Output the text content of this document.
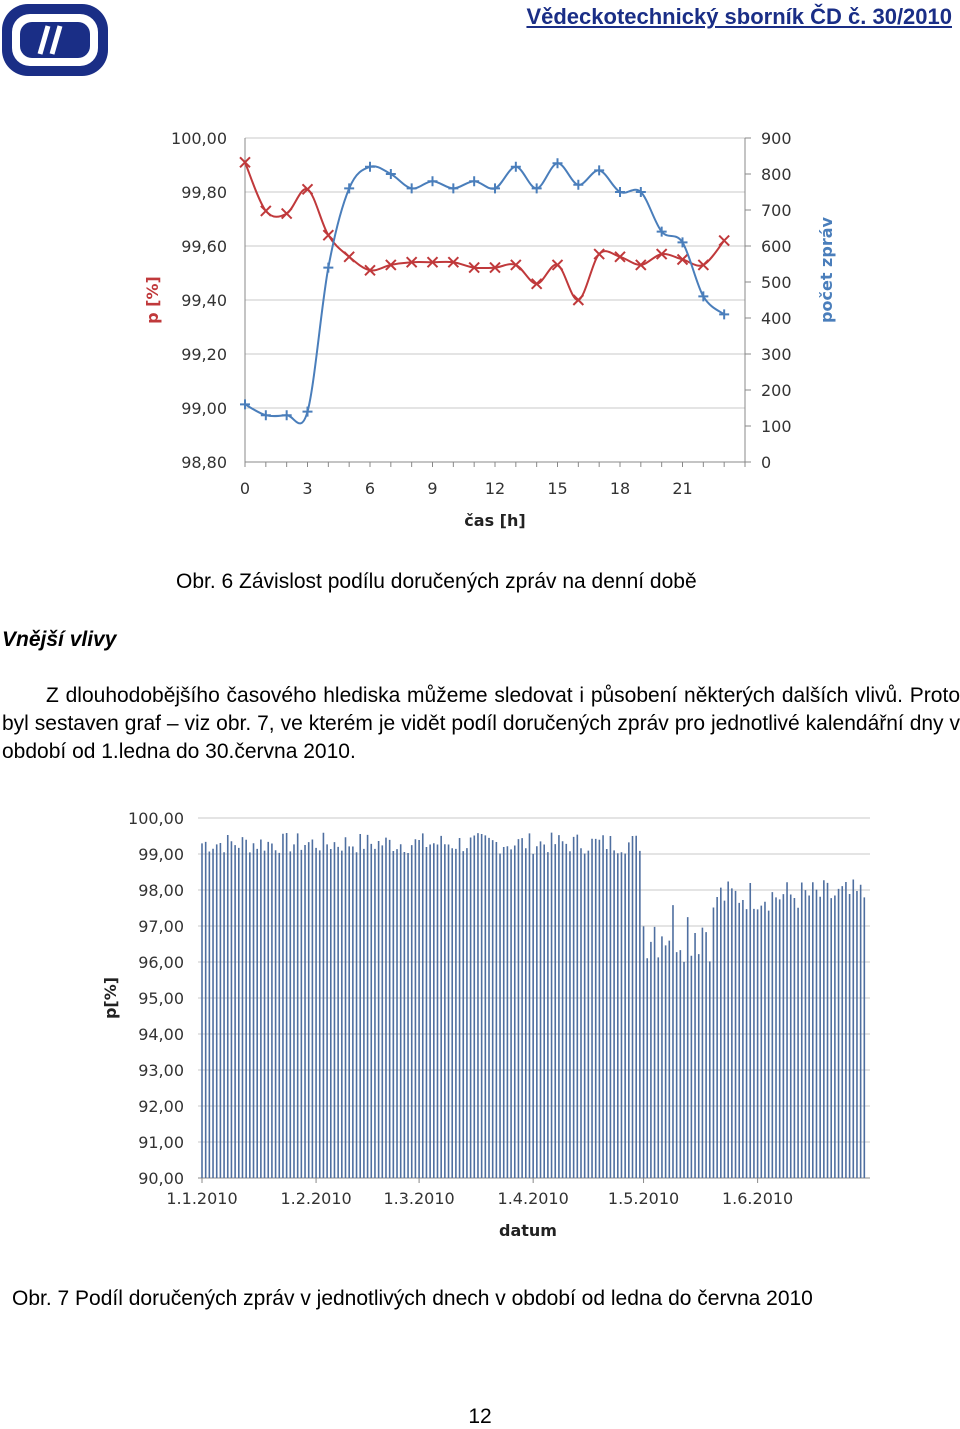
Vědeckotechnický sborník ČD č. 30/2010
98,80
99,00
99,20
99,40
99,60
99,80
100,00
0
100
200
300
400
500
600
700
800
900
0	3	6	9	12	15	18	21
čas [h]
p [%]	počet zpráv
Obr. 6 Závislost podílu doručených zpráv na denní době
Vnější vlivy
Z dlouhodobějšího časového hlediska můžeme sledovat i působení některých dalších vlivů. Proto byl sestaven graf – viz obr. 7, ve kterém je vidět podíl doručených zpráv pro jednotlivé kalendářní dny v období od 1.ledna do 30.června 2010.
90,00
91,00
92,00
93,00
94,00
95,00
96,00
97,00
98,00
99,00
100,00
1.1.2010	1.2.2010 1.3.2010	1.4.2010 1.5.2010	1.6.2010
datum
p[%]
Obr. 7 Podíl doručených zpráv v jednotlivých dnech v období od ledna do června 2010
12
